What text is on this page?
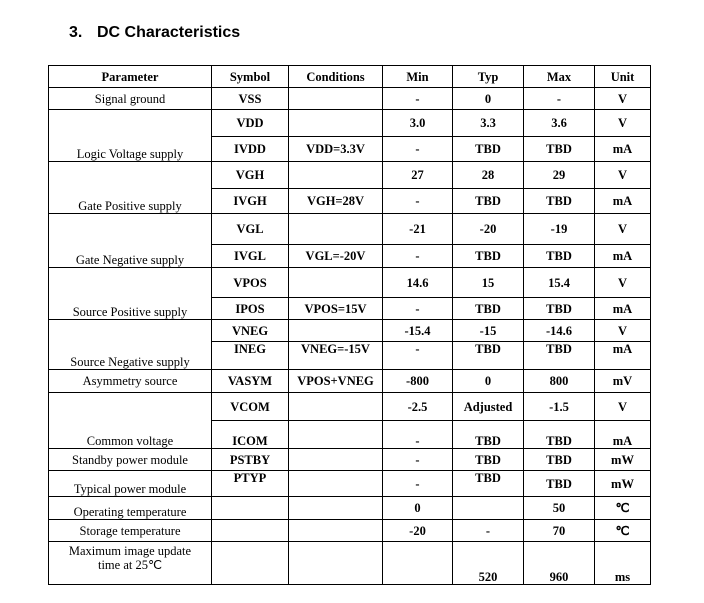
3. DC Characteristics
Parameter	Symbol	Conditions	Min	Typ	Max	Unit
Signal ground	VSS		-	0	-	V
Logic Voltage supply	VDD		3.0	3.3	3.6	V
	IVDD	VDD=3.3V	-	TBD	TBD	mA
Gate Positive supply	VGH		27	28	29	V
	IVGH	VGH=28V	-	TBD	TBD	mA
Gate Negative supply	VGL		-21	-20	-19	V
	IVGL	VGL=-20V	-	TBD	TBD	mA
Source Positive supply	VPOS		14.6	15	15.4	V
	IPOS	VPOS=15V	-	TBD	TBD	mA
Source Negative supply	VNEG		-15.4	-15	-14.6	V
	INEG	VNEG=-15V	-	TBD	TBD	mA
Asymmetry source	VASYM	VPOS+VNEG	-800	0	800	mV
Common voltage	VCOM		-2.5	Adjusted	-1.5	V
	ICOM		-	TBD	TBD	mA
Standby power module	PSTBY		-	TBD	TBD	mW
Typical power module	PTYP		-	TBD	TBD	mW
Operating temperature			0		50	℃
Storage temperature			-20	-	70	℃

Maximum image update
time at 25℃				520	960	ms
